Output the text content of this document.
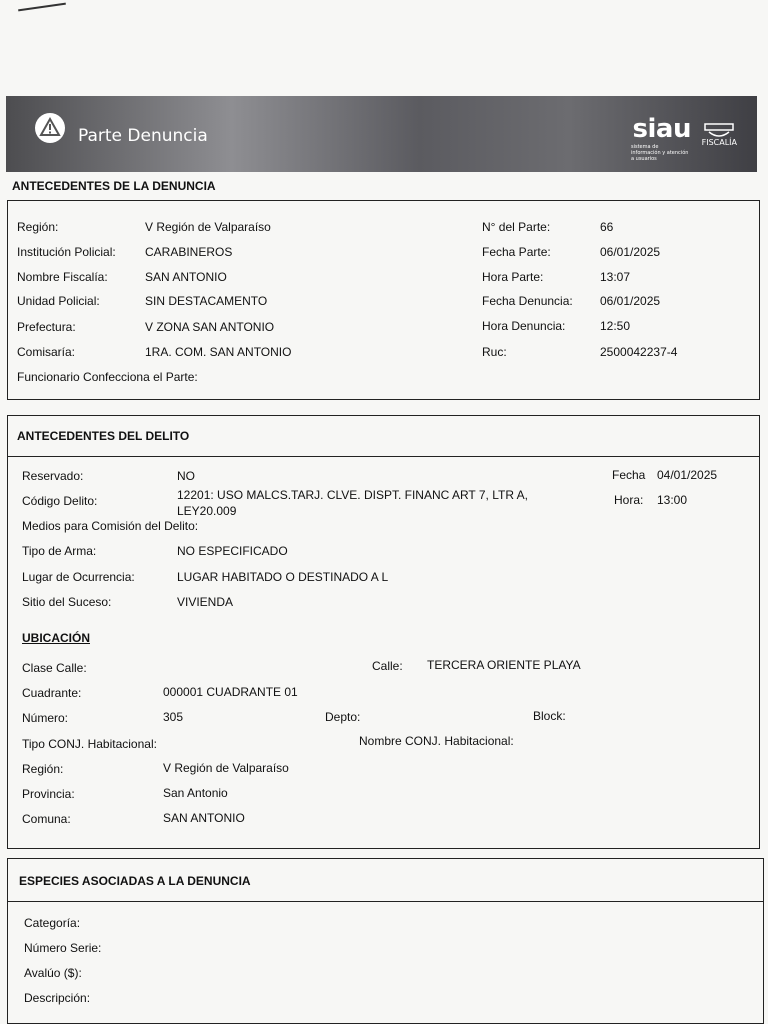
Parte Denuncia	siau
sistema de información y atención a usuarios
FISCALÍA
ANTECEDENTES DE LA DENUNCIA
Región:	V Región de Valparaíso
Institución Policial: CARABINEROS
Nombre Fiscalía:	SAN ANTONIO
Unidad Policial:	SIN DESTACAMENTO
Prefectura:	V ZONA SAN ANTONIO
Comisaría:	1RA. COM. SAN ANTONIO
Funcionario Confecciona el Parte:
N° del Parte:	66
Fecha Parte:	06/01/2025
Hora Parte:	13:07
Fecha Denuncia: 06/01/2025
Hora Denuncia:	12:50
Ruc:	2500042237-4
ANTECEDENTES DEL DELITO
Reservado:	NO
Código Delito:	12201: USO MALCS.TARJ. CLVE. DISPT. FINANC ART 7, LTR A,
LEY20.009
Medios para Comisión del Delito:
Tipo de Arma:	NO ESPECIFICADO
Lugar de Ocurrencia:	LUGAR HABITADO O DESTINADO A L
Sitio del Suceso:	VIVIENDA
Fecha 04/01/2025
Hora: 13:00
UBICACIÓN
Clase Calle:	Calle: TERCERA ORIENTE PLAYA
Cuadrante:	000001 CUADRANTE 01
Número:	305	Depto:	Block:
Tipo CONJ. Habitacional:	Nombre CONJ. Habitacional:
Región:	V Región de Valparaíso
Provincia:	San Antonio
Comuna:	SAN ANTONIO
ESPECIES ASOCIADAS A LA DENUNCIA
Categoría:
Número Serie:
Avalúo ($):
Descripción:
